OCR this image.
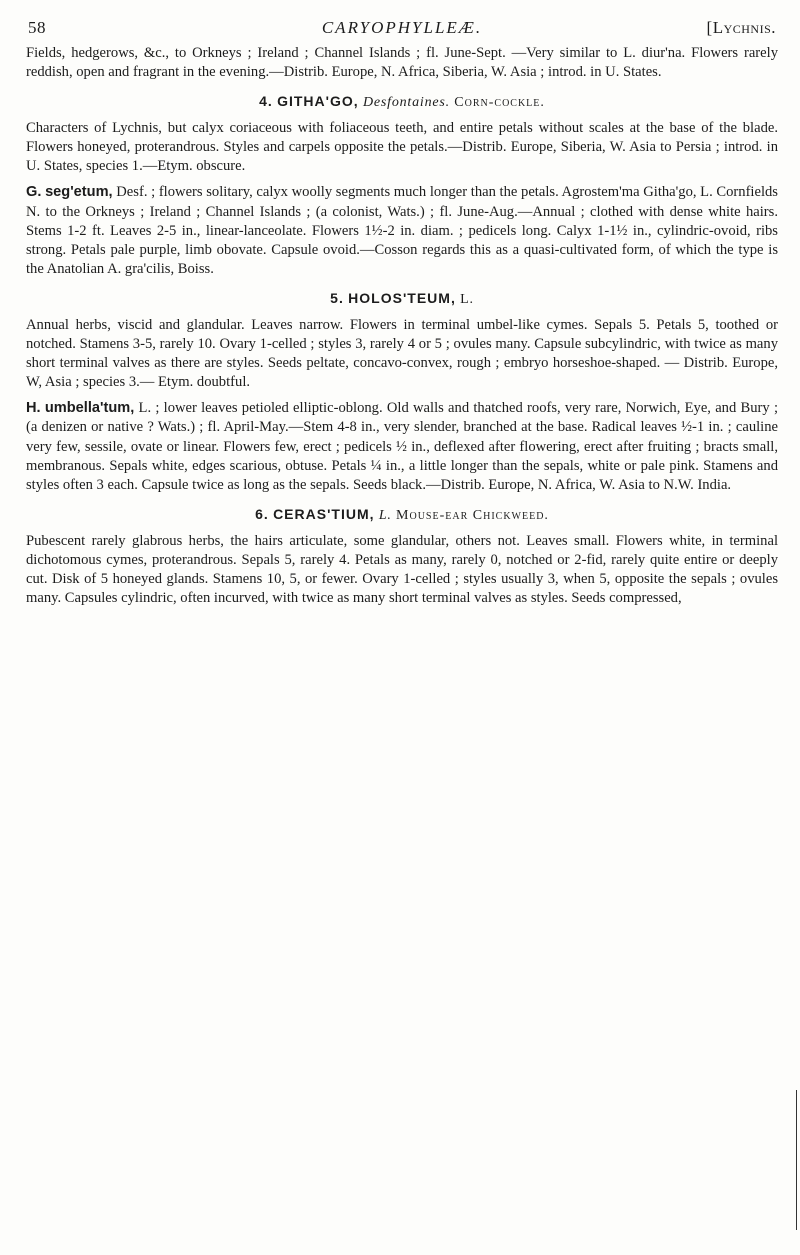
58	CARYOPHYLLEÆ.	[Lychnis.

Fields, hedgerows, &c., to Orkneys ; Ireland ; Channel Islands ; fl. June-Sept. —Very similar to L. diur'na. Flowers rarely reddish, open and fragrant in the evening.—Distrib. Europe, N. Africa, Siberia, W. Asia ; introd. in U. States.

4. GITHA'GO, Desfontaines. Corn-cockle.

Characters of Lychnis, but calyx coriaceous with foliaceous teeth, and entire petals without scales at the base of the blade. Flowers honeyed, proterandrous. Styles and carpels opposite the petals.—Distrib. Europe, Siberia, W. Asia to Persia ; introd. in U. States, species 1.—Etym. obscure.

G. seg'etum, Desf. ; flowers solitary, calyx woolly segments much longer than the petals. Agrostem'ma Githa'go, L. Cornfields N. to the Orkneys ; Ireland ; Channel Islands ; (a colonist, Wats.) ; fl. June-Aug.—Annual ; clothed with dense white hairs. Stems 1-2 ft. Leaves 2-5 in., linear-lanceolate. Flowers 1½-2 in. diam. ; pedicels long. Calyx 1-1½ in., cylindric-ovoid, ribs strong. Petals pale purple, limb obovate. Capsule ovoid.—Cosson regards this as a quasi-cultivated form, of which the type is the Anatolian A. gra'cilis, Boiss.

5. HOLOS'TEUM, L.

Annual herbs, viscid and glandular. Leaves narrow. Flowers in terminal umbel-like cymes. Sepals 5. Petals 5, toothed or notched. Stamens 3-5, rarely 10. Ovary 1-celled ; styles 3, rarely 4 or 5 ; ovules many. Capsule subcylindric, with twice as many short terminal valves as there are styles. Seeds peltate, concavo-convex, rough ; embryo horseshoe-shaped. — Distrib. Europe, W, Asia ; species 3.— Etym. doubtful.

H. umbella'tum, L. ; lower leaves petioled elliptic-oblong. Old walls and thatched roofs, very rare, Norwich, Eye, and Bury ; (a denizen or native ? Wats.) ; fl. April-May.—Stem 4-8 in., very slender, branched at the base. Radical leaves ½-1 in. ; cauline very few, sessile, ovate or linear. Flowers few, erect ; pedicels ½ in., deflexed after flowering, erect after fruiting ; bracts small, membranous. Sepals white, edges scarious, obtuse. Petals ¼ in., a little longer than the sepals, white or pale pink. Stamens and styles often 3 each. Capsule twice as long as the sepals. Seeds black.—Distrib. Europe, N. Africa, W. Asia to N.W. India.

6. CERAS'TIUM, L. Mouse-ear Chickweed.

Pubescent rarely glabrous herbs, the hairs articulate, some glandular, others not. Leaves small. Flowers white, in terminal dichotomous cymes, proterandrous. Sepals 5, rarely 4. Petals as many, rarely 0, notched or 2-fid, rarely quite entire or deeply cut. Disk of 5 honeyed glands. Stamens 10, 5, or fewer. Ovary 1-celled ; styles usually 3, when 5, opposite the sepals ; ovules many. Capsules cylindric, often incurved, with twice as many short terminal valves as styles. Seeds compressed,
